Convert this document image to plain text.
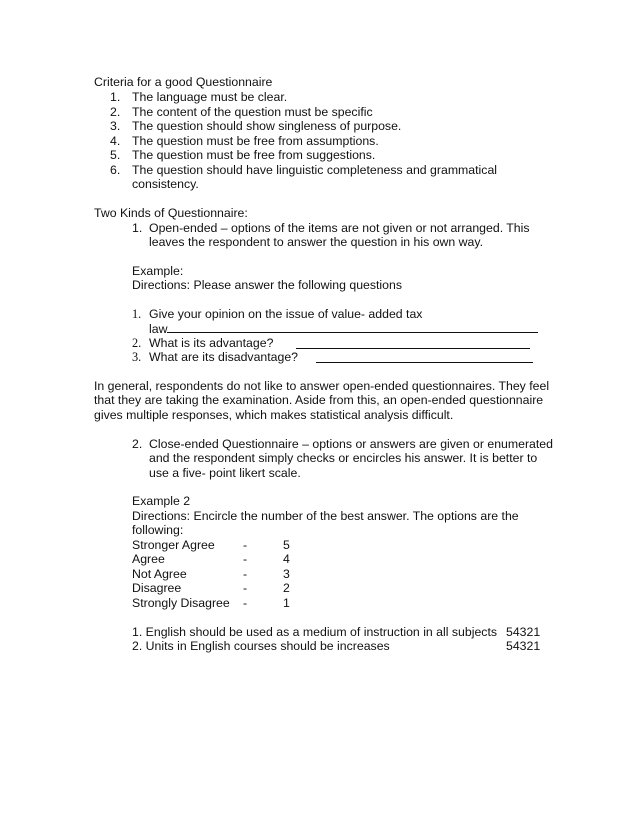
Criteria for a good Questionnaire
1. The language must be clear.
2. The content of the question must be specific
3. The question should show singleness of purpose.
4. The question must be free from assumptions.
5. The question must be free from suggestions.
6. The question should have linguistic completeness and grammatical
consistency.
Two Kinds of Questionnaire:
1. Open-ended – options of the items are not given or not arranged. This
leaves the respondent to answer the question in his own way.
Example:
Directions: Please answer the following questions
1. Give your opinion on the issue of value- added tax
law
2. What is its advantage?
3. What are its disadvantage?
In general, respondents do not like to answer open-ended questionnaires. They feel
that they are taking the examination. Aside from this, an open-ended questionnaire
gives multiple responses, which makes statistical analysis difficult.
2. Close-ended Questionnaire – options or answers are given or enumerated
and the respondent simply checks or encircles his answer. It is better to
use a five- point likert scale.
Example 2
Directions: Encircle the number of the best answer. The options are the
following:
Stronger Agree -	5
Agree	-	4
Not Agree	-	3
Disagree	-	2
Strongly Disagree -	1
1. English should be used as a medium of instruction in all subjects 54321
2. Units in English courses should be increases	54321
